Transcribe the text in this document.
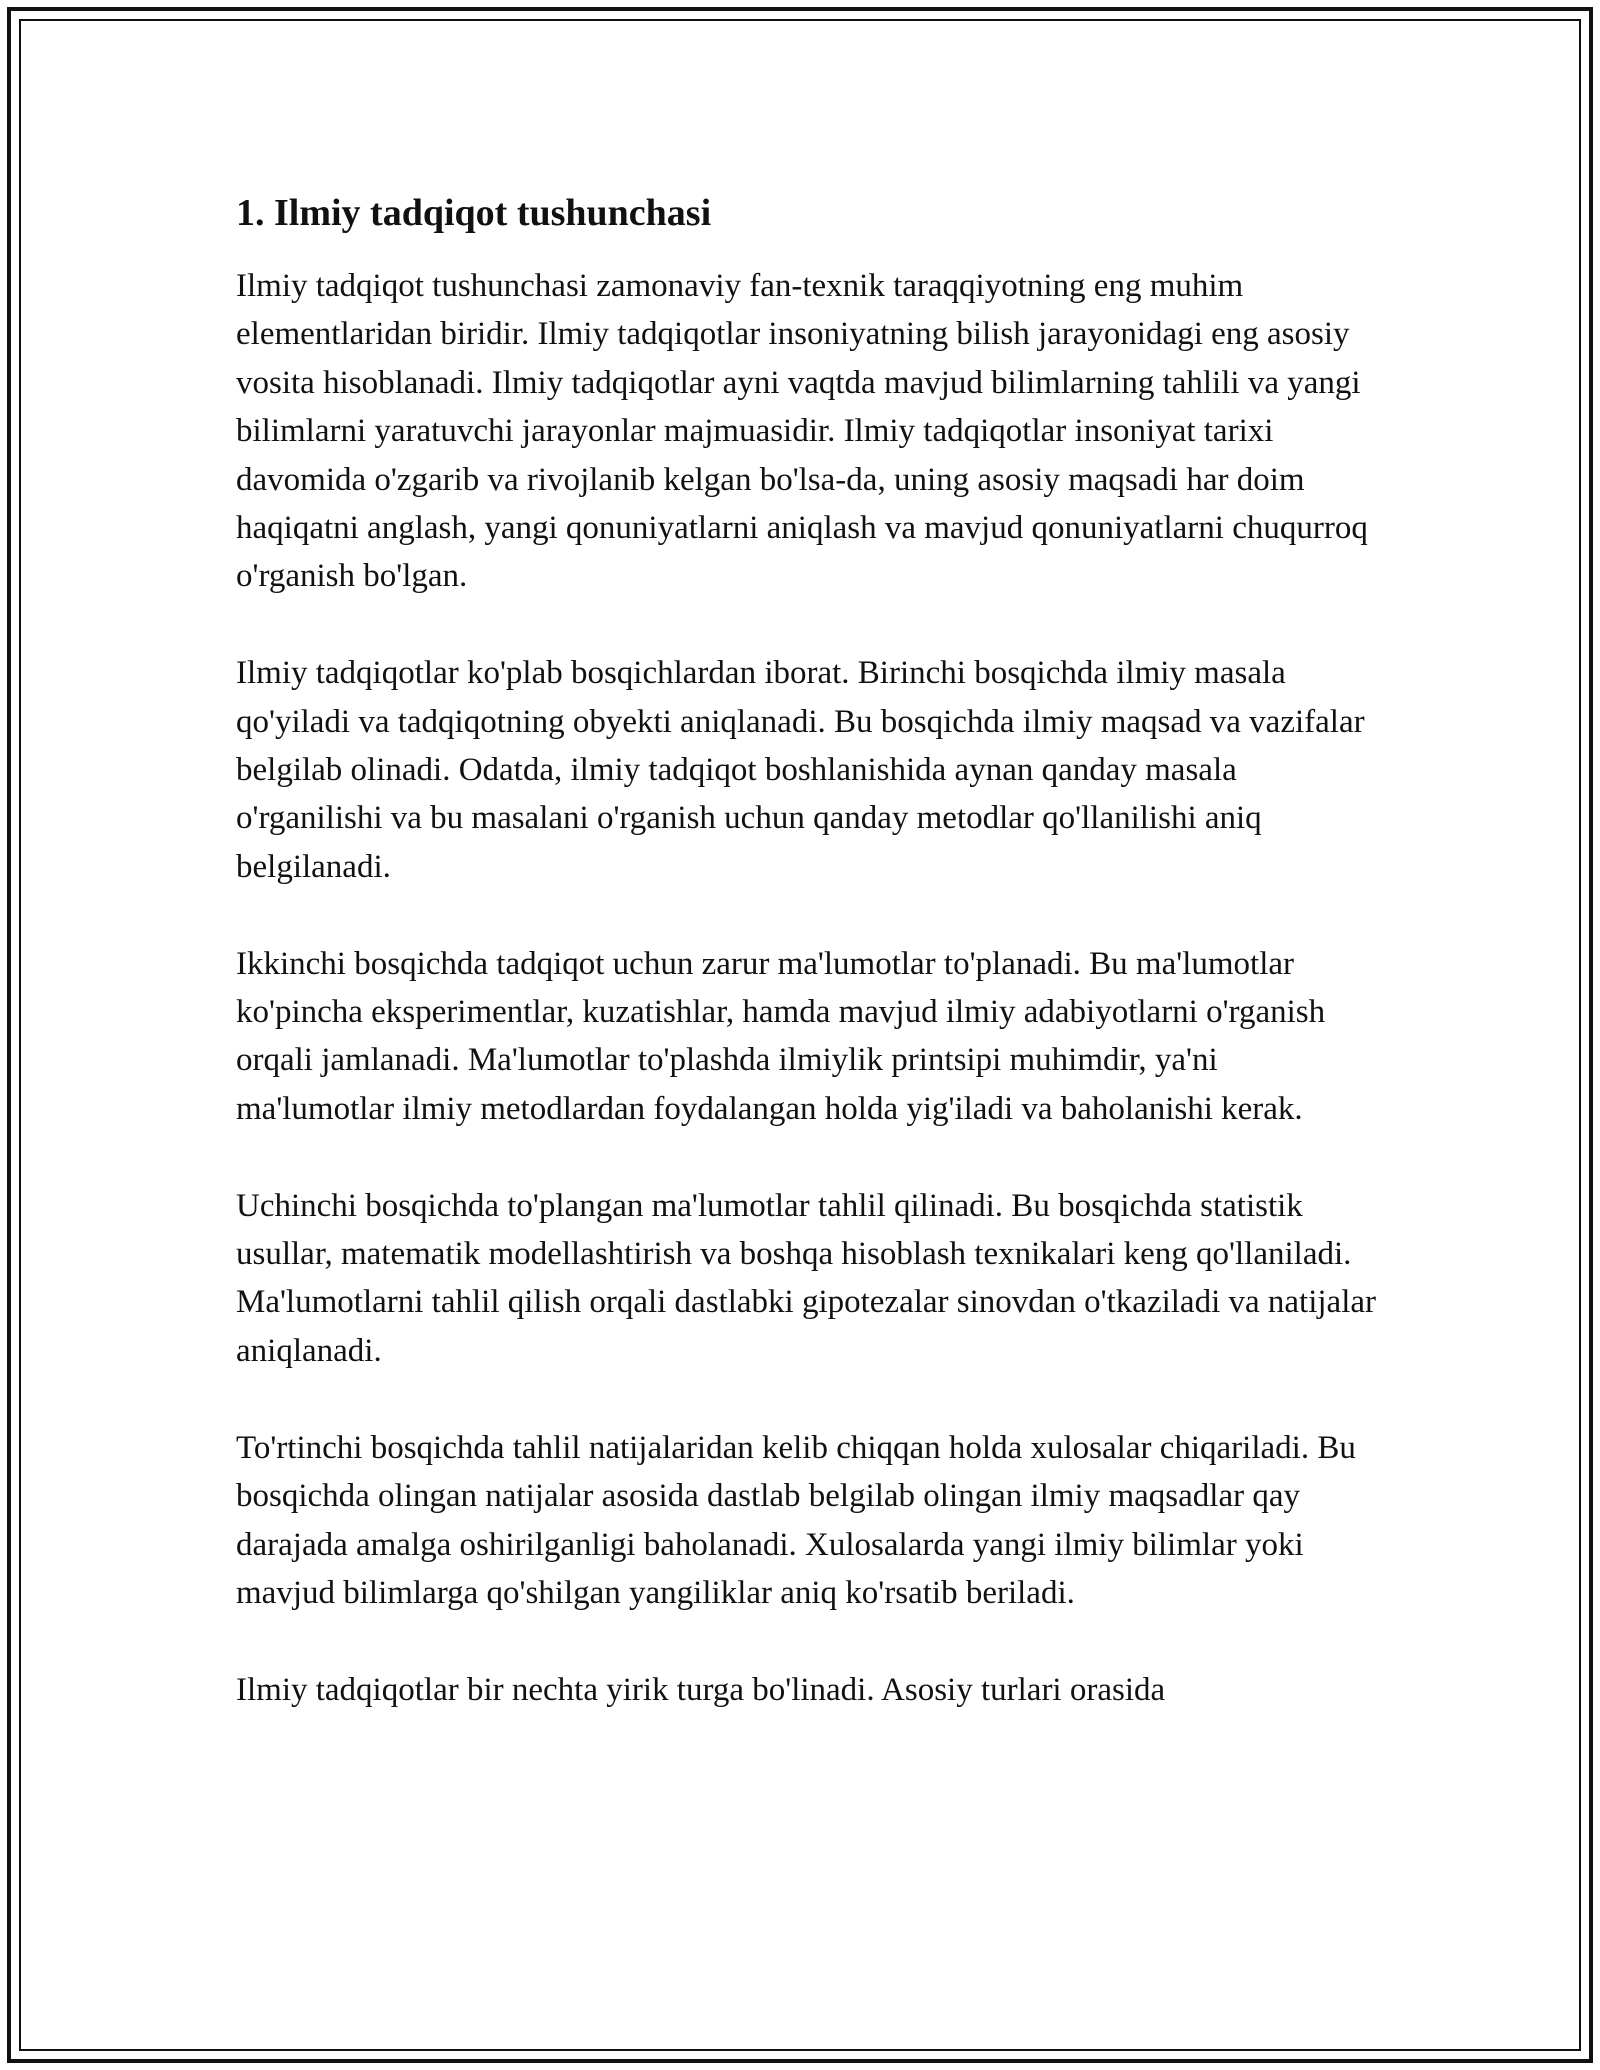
1. Ilmiy tadqiqot tushunchasi

Ilmiy tadqiqot tushunchasi zamonaviy fan-texnik taraqqiyotning eng muhim elementlaridan biridir. Ilmiy tadqiqotlar insoniyatning bilish jarayonidagi eng asosiy vosita hisoblanadi. Ilmiy tadqiqotlar ayni vaqtda mavjud bilimlarning tahlili va yangi bilimlarni yaratuvchi jarayonlar majmuasidir. Ilmiy tadqiqotlar insoniyat tarixi davomida o'zgarib va rivojlanib kelgan bo'lsa-da, uning asosiy maqsadi har doim haqiqatni anglash, yangi qonuniyatlarni aniqlash va mavjud qonuniyatlarni chuqurroq o'rganish bo'lgan.

Ilmiy tadqiqotlar ko'plab bosqichlardan iborat. Birinchi bosqichda ilmiy masala qo'yiladi va tadqiqotning obyekti aniqlanadi. Bu bosqichda ilmiy maqsad va vazifalar belgilab olinadi. Odatda, ilmiy tadqiqot boshlanishida aynan qanday masala o'rganilishi va bu masalani o'rganish uchun qanday metodlar qo'llanilishi aniq belgilanadi.

Ikkinchi bosqichda tadqiqot uchun zarur ma'lumotlar to'planadi. Bu ma'lumotlar ko'pincha eksperimentlar, kuzatishlar, hamda mavjud ilmiy adabiyotlarni o'rganish orqali jamlanadi. Ma'lumotlar to'plashda ilmiylik printsipi muhimdir, ya'ni ma'lumotlar ilmiy metodlardan foydalangan holda yig'iladi va baholanishi kerak.

Uchinchi bosqichda to'plangan ma'lumotlar tahlil qilinadi. Bu bosqichda statistik usullar, matematik modellashtirish va boshqa hisoblash texnikalari keng qo'llaniladi. Ma'lumotlarni tahlil qilish orqali dastlabki gipotezalar sinovdan o'tkaziladi va natijalar aniqlanadi.

To'rtinchi bosqichda tahlil natijalaridan kelib chiqqan holda xulosalar chiqariladi. Bu bosqichda olingan natijalar asosida dastlab belgilab olingan ilmiy maqsadlar qay darajada amalga oshirilganligi baholanadi. Xulosalarda yangi ilmiy bilimlar yoki mavjud bilimlarga qo'shilgan yangiliklar aniq ko'rsatib beriladi.

Ilmiy tadqiqotlar bir nechta yirik turga bo'linadi. Asosiy turlari orasida
